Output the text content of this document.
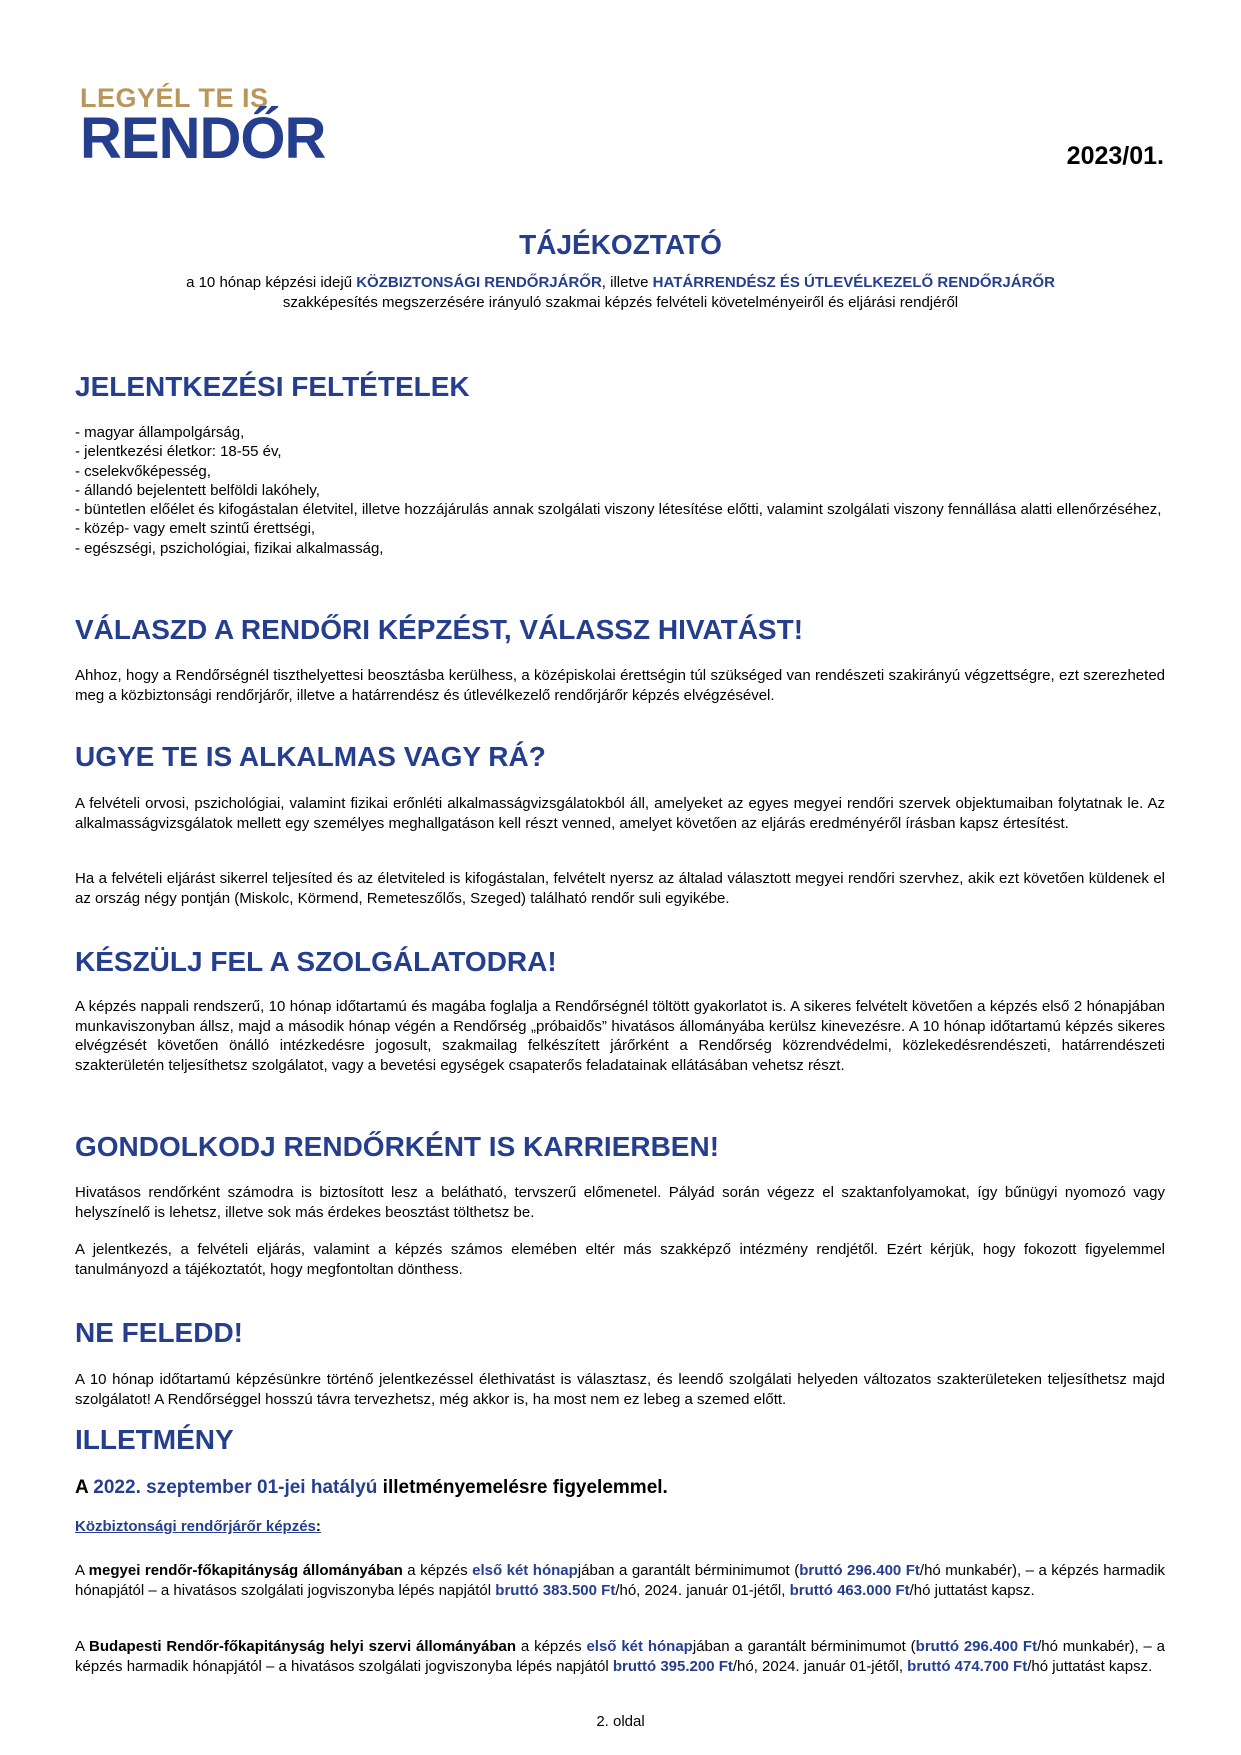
LEGYÉL TE IS
RENDŐR	2023/01.
TÁJÉKOZTATÓ
a 10 hónap képzési idejű KÖZBIZTONSÁGI RENDŐRJÁRŐR, illetve HATÁRRENDÉSZ ÉS ÚTLEVÉLKEZELŐ RENDŐRJÁRŐR
szakképesítés megszerzésére irányuló szakmai képzés felvételi követelményeiről és eljárási rendjéről
JELENTKEZÉSI FELTÉTELEK
- magyar állampolgárság,
- jelentkezési életkor: 18-55 év,
- cselekvőképesség,
- állandó bejelentett belföldi lakóhely,
- büntetlen előélet és kifogástalan életvitel, illetve hozzájárulás annak szolgálati viszony létesítése előtti, valamint szolgálati viszony fennállása alatti ellenőrzéséhez,
- közép- vagy emelt szintű érettségi,
- egészségi, pszichológiai, fizikai alkalmasság,
VÁLASZD A RENDŐRI KÉPZÉST, VÁLASSZ HIVATÁST!
Ahhoz, hogy a Rendőrségnél tiszthelyettesi beosztásba kerülhess, a középiskolai érettségin túl szükséged van rendészeti szakirányú végzettségre, ezt szerezheted meg a közbiztonsági rendőrjárőr, illetve a határrendész és útlevélkezelő rendőrjárőr képzés elvégzésével.
UGYE TE IS ALKALMAS VAGY RÁ?
A felvételi orvosi, pszichológiai, valamint fizikai erőnléti alkalmasságvizsgálatokból áll, amelyeket az egyes megyei rendőri szervek objektumaiban folytatnak le. Az alkalmasságvizsgálatok mellett egy személyes meghallgatáson kell részt venned, amelyet követően az eljárás eredményéről írásban kapsz értesítést.
Ha a felvételi eljárást sikerrel teljesíted és az életviteled is kifogástalan, felvételt nyersz az általad választott megyei rendőri szervhez, akik ezt követően küldenek el az ország négy pontján (Miskolc, Körmend, Remeteszőlős, Szeged) található rendőr suli egyikébe.
KÉSZÜLJ FEL A SZOLGÁLATODRA!
A képzés nappali rendszerű, 10 hónap időtartamú és magába foglalja a Rendőrségnél töltött gyakorlatot is. A sikeres felvételt követően a képzés első 2 hónapjában munkaviszonyban állsz, majd a második hónap végén a Rendőrség „próbaidős” hivatásos állományába kerülsz kinevezésre. A 10 hónap időtartamú képzés sikeres elvégzését követően önálló intézkedésre jogosult, szakmailag felkészített járőrként a Rendőrség közrendvédelmi, közlekedésrendészeti, határrendészeti szakterületén teljesíthetsz szolgálatot, vagy a bevetési egységek csapaterős feladatainak ellátásában vehetsz részt.
GONDOLKODJ RENDŐRKÉNT IS KARRIERBEN!
Hivatásos rendőrként számodra is biztosított lesz a belátható, tervszerű előmenetel. Pályád során végezz el szaktanfolyamokat, így bűnügyi nyomozó vagy helyszínelő is lehetsz, illetve sok más érdekes beosztást tölthetsz be.
A jelentkezés, a felvételi eljárás, valamint a képzés számos elemében eltér más szakképző intézmény rendjétől. Ezért kérjük, hogy fokozott figyelemmel tanulmányozd a tájékoztatót, hogy megfontoltan dönthess.
NE FELEDD!
A 10 hónap időtartamú képzésünkre történő jelentkezéssel élethivatást is választasz, és leendő szolgálati helyeden változatos szakterületeken teljesíthetsz majd szolgálatot! A Rendőrséggel hosszú távra tervezhetsz, még akkor is, ha most nem ez lebeg a szemed előtt.
ILLETMÉNY
A 2022. szeptember 01-jei hatályú illetményemelésre figyelemmel.
Közbiztonsági rendőrjárőr képzés:
A megyei rendőr-főkapitányság állományában a képzés első két hónapjában a garantált bérminimumot (bruttó 296.400 Ft/hó munkabér), – a képzés harmadik hónapjától – a hivatásos szolgálati jogviszonyba lépés napjától bruttó 383.500 Ft/hó, 2024. január 01-jétől, bruttó 463.000 Ft/hó juttatást kapsz.
A Budapesti Rendőr-főkapitányság helyi szervi állományában a képzés első két hónapjában a garantált bérminimumot (bruttó 296.400 Ft/hó munkabér), – a képzés harmadik hónapjától – a hivatásos szolgálati jogviszonyba lépés napjától bruttó 395.200 Ft/hó, 2024. január 01-jétől, bruttó 474.700 Ft/hó juttatást kapsz.
2. oldal
